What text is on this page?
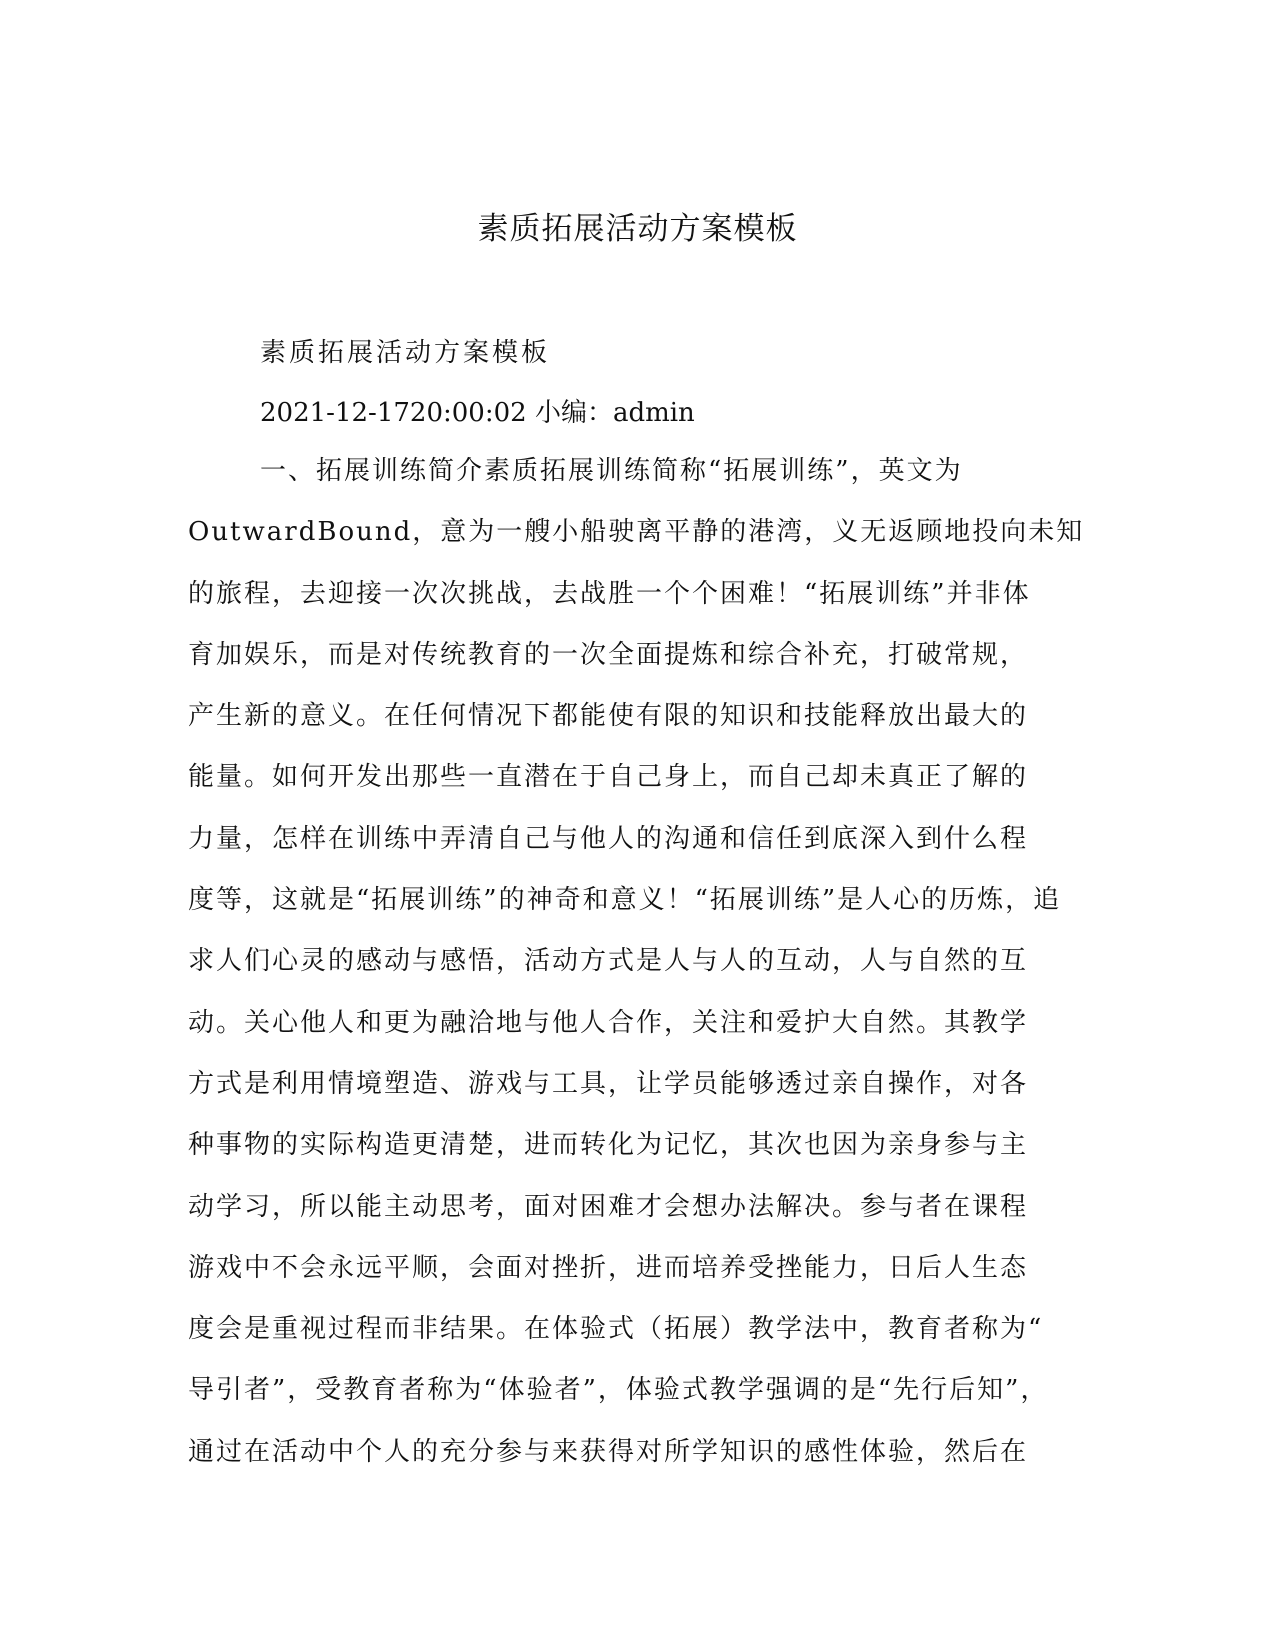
素质拓展活动方案模板

素质拓展活动方案模板

2021-12-1720:00:02 小编：admin

一、拓展训练简介素质拓展训练简称“拓展训练”，英文为

OutwardBound，意为一艘小船驶离平静的港湾，义无返顾地投向未知

的旅程，去迎接一次次挑战，去战胜一个个困难！“拓展训练”并非体

育加娱乐，而是对传统教育的一次全面提炼和综合补充，打破常规，

产生新的意义。在任何情况下都能使有限的知识和技能释放出最大的

能量。如何开发出那些一直潜在于自己身上，而自己却未真正了解的

力量，怎样在训练中弄清自己与他人的沟通和信任到底深入到什么程

度等，这就是“拓展训练”的神奇和意义！“拓展训练”是人心的历炼，追

求人们心灵的感动与感悟，活动方式是人与人的互动，人与自然的互

动。关心他人和更为融洽地与他人合作，关注和爱护大自然。其教学

方式是利用情境塑造、游戏与工具，让学员能够透过亲自操作，对各

种事物的实际构造更清楚，进而转化为记忆，其次也因为亲身参与主

动学习，所以能主动思考，面对困难才会想办法解决。参与者在课程

游戏中不会永远平顺，会面对挫折，进而培养受挫能力，日后人生态

度会是重视过程而非结果。在体验式（拓展）教学法中，教育者称为“

导引者”，受教育者称为“体验者”，体验式教学强调的是“先行后知”，

通过在活动中个人的充分参与来获得对所学知识的感性体验，然后在
